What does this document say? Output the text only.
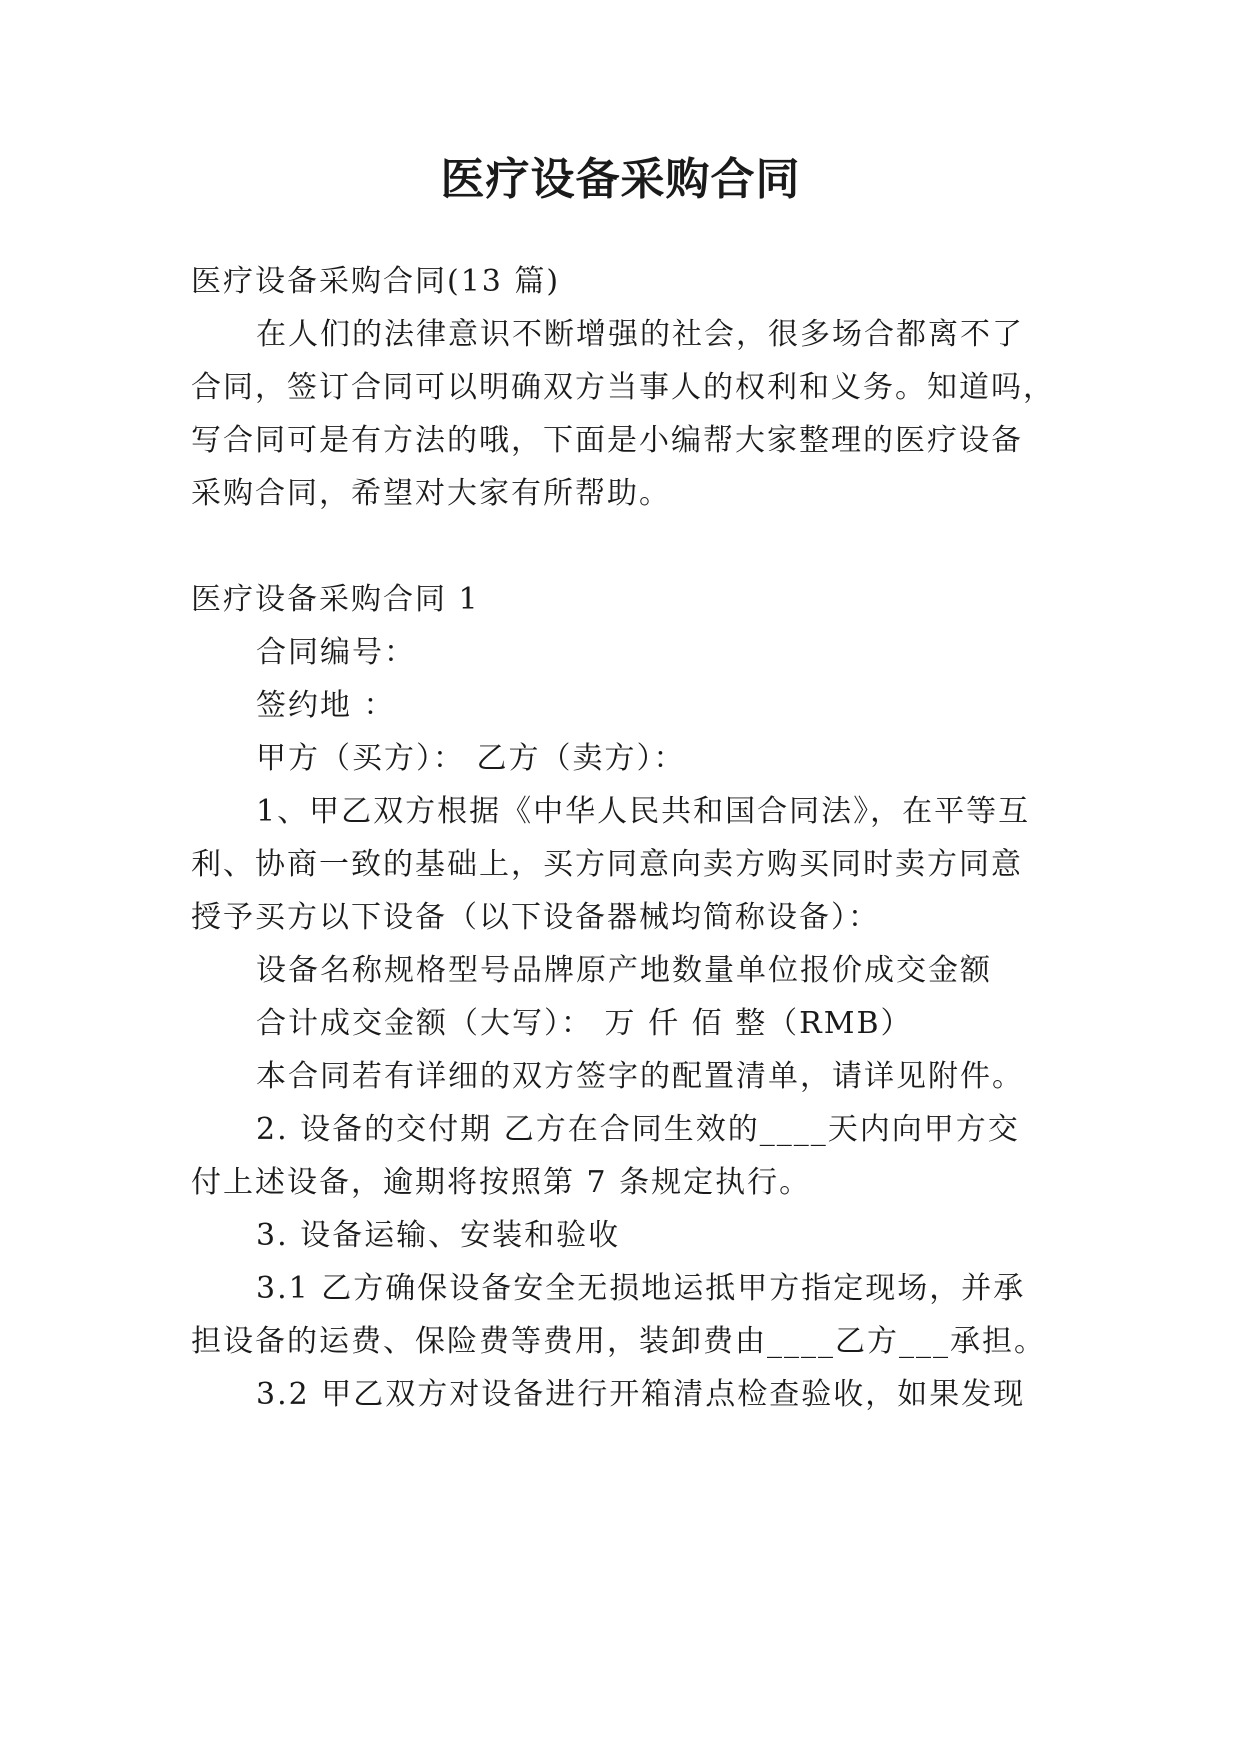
医疗设备采购合同
医疗设备采购合同(13 篇)
在人们的法律意识不断增强的社会，很多场合都离不了
合同，签订合同可以明确双方当事人的权利和义务。知道吗，
写合同可是有方法的哦，下面是小编帮大家整理的医疗设备
采购合同，希望对大家有所帮助。
医疗设备采购合同 1
合同编号：
签约地 ：
甲方（买方）： 乙方（卖方）：
1、甲乙双方根据《中华人民共和国合同法》，在平等互
利、协商一致的基础上，买方同意向卖方购买同时卖方同意
授予买方以下设备（以下设备器械均简称设备）：
设备名称规格型号品牌原产地数量单位报价成交金额
合计成交金额（大写）： 万 仟 佰 整（RMB）
本合同若有详细的双方签字的配置清单，请详见附件。
2. 设备的交付期 乙方在合同生效的____天内向甲方交
付上述设备，逾期将按照第 7 条规定执行。
3. 设备运输、安装和验收
3.1 乙方确保设备安全无损地运抵甲方指定现场，并承
担设备的运费、保险费等费用，装卸费由____乙方___承担。
3.2 甲乙双方对设备进行开箱清点检查验收，如果发现
